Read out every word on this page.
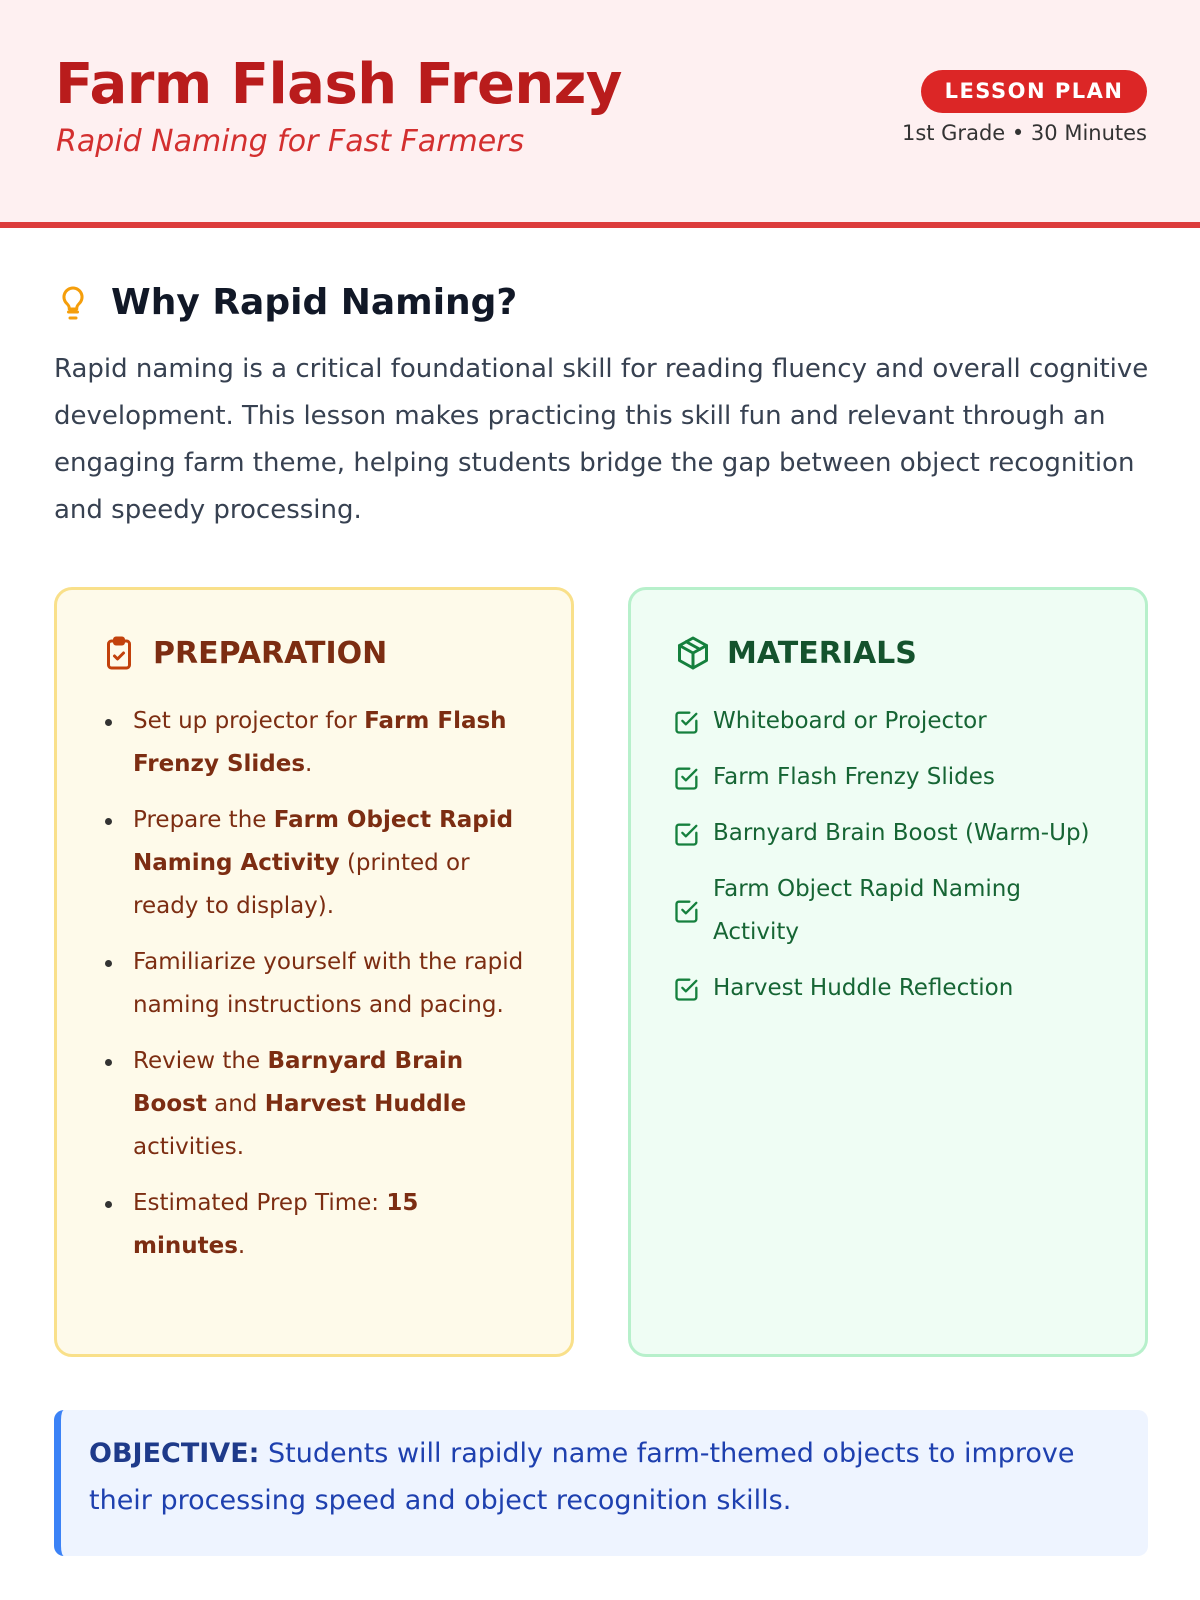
Farm Flash Frenzy
Rapid Naming for Fast Farmers
LESSON PLAN
1st Grade • 30 Minutes
Why Rapid Naming?

Rapid naming is a critical foundational skill for reading fluency and overall cognitive development. This lesson makes practicing this skill fun and relevant through an engaging farm theme, helping students bridge the gap between object recognition and speedy processing.

PREPARATION
Set up projector for Farm Flash Frenzy Slides.
Prepare the Farm Object Rapid Naming Activity (printed or ready to display).
Familiarize yourself with the rapid naming instructions and pacing.
Review the Barnyard Brain Boost and Harvest Huddle activities.
Estimated Prep Time: 15 minutes.
MATERIALS
Whiteboard or Projector
Farm Flash Frenzy Slides
Barnyard Brain Boost (Warm-Up)
Farm Object Rapid Naming Activity
Harvest Huddle Reflection
OBJECTIVE: Students will rapidly name farm-themed objects to improve their processing speed and object recognition skills.
